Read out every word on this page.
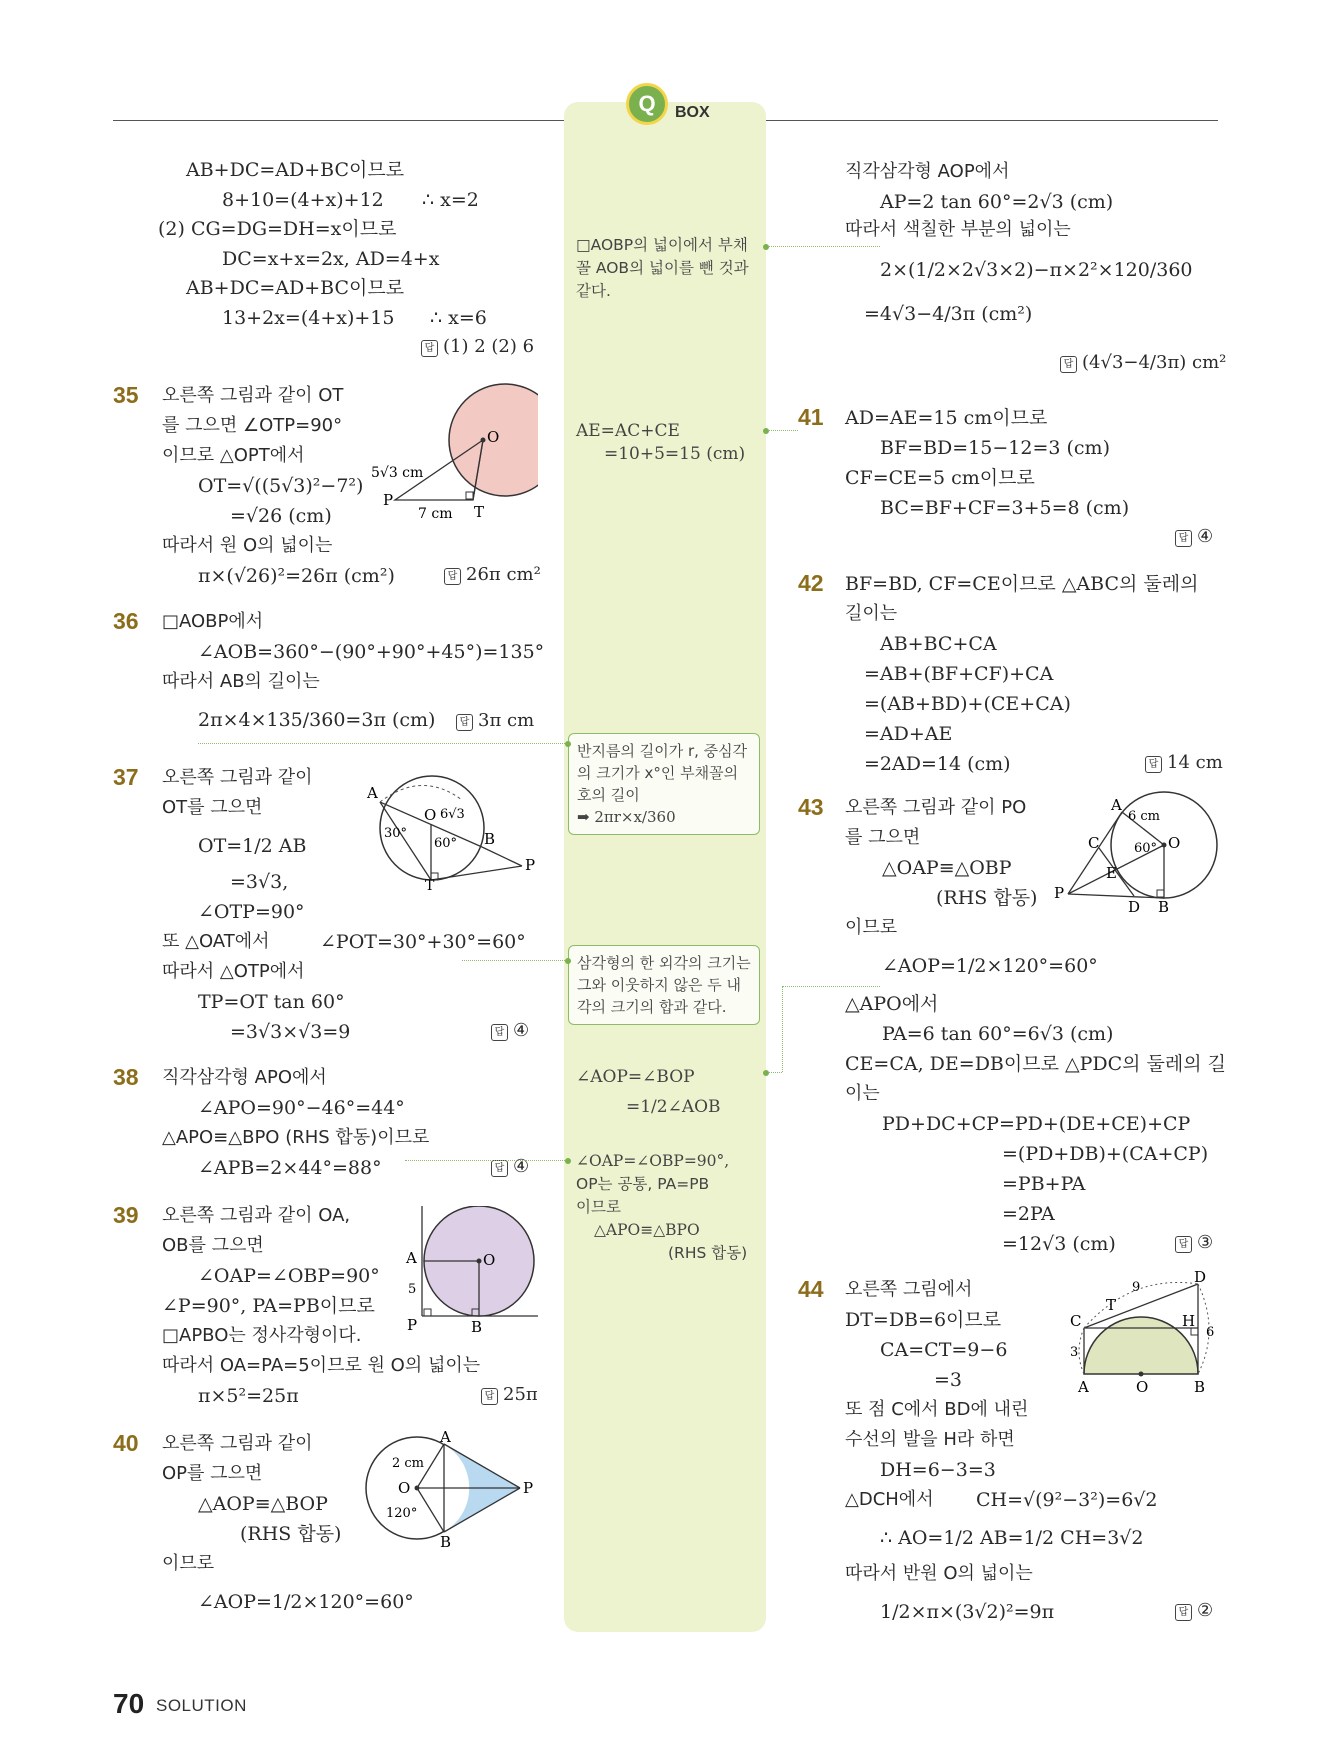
Q	BOX
AB+DC=AD+BC이므로
8+10=(4+x)+12 ∴ x=2
(2) CG=DG=DH=x이므로
DC=x+x=2x, AD=4+x
AB+DC=AD+BC이므로
13+2x=(4+x)+15 ∴ x=6
답 (1) 2 (2) 6
35 오른쪽 그림과 같이 OT
를 그으면 ∠OTP=90°
이므로 △OPT에서
OT=√((5√3)²−7²)
=√26 (cm)
따라서 원 O의 넓이는
π×(√26)²=26π (cm²)	답 26π cm²
O
P
T
5√3 cm
7 cm
36 □AOBP에서
∠AOB=360°−(90°+90°+45°)=135°
따라서 AB의 길이는
2π×4×135/360=3π (cm)	답 3π cm
37 오른쪽 그림과 같이
OT를 그으면
OT=1/2 AB
=3√3,
∠OTP=90°
또 △OAT에서	∠POT=30°+30°=60°
따라서 △OTP에서
TP=OT tan 60°
=3√3×√3=9	답 ④
A
O 6√3
30°
60° B
T
P
38 직각삼각형 APO에서
∠APO=90°−46°=44°
△APO≡△BPO (RHS 합동)이므로
∠APB=2×44°=88°	답 ④
39 오른쪽 그림과 같이 OA,
OB를 그으면
∠OAP=∠OBP=90°
∠P=90°, PA=PB이므로
□APBO는 정사각형이다.
따라서 OA=PA=5이므로 원 O의 넓이는
π×5²=25π	답 25π
A	O
5
P	B
40 오른쪽 그림과 같이
OP를 그으면
△AOP≡△BOP
(RHS 합동)
이므로
∠AOP=1/2×120°=60°
A
2 cm
O
120°
P
B
□AOBP의 넓이에서 부채
꼴 AOB의 넓이를 뺀 것과
같다.
AE=AC+CE
=10+5=15 (cm)
반지름의 길이가 r, 중심각
의 크기가 x°인 부채꼴의
호의 길이
➡ 2πr×x/360
삼각형의 한 외각의 크기는
그와 이웃하지 않은 두 내
각의 크기의 합과 같다.
∠AOP=∠BOP
=1/2∠AOB
∠OAP=∠OBP=90°,
OP는 공통, PA=PB
이므로
△APO≡△BPO
(RHS 합동)
직각삼각형 AOP에서
AP=2 tan 60°=2√3 (cm)
따라서 색칠한 부분의 넓이는
2×(1/2×2√3×2)−π×2²×120/360
=4√3−4/3π (cm²)
답 (4√3−4/3π) cm²
41 AD=AE=15 cm이므로
BF=BD=15−12=3 (cm)
CF=CE=5 cm이므로
BC=BF+CF=3+5=8 (cm)
답 ④
42 BF=BD, CF=CE이므로 △ABC의 둘레의
길이는
AB+BC+CA
=AB+(BF+CF)+CA
=(AB+BD)+(CE+CA)
=AD+AE
=2AD=14 (cm)	답 14 cm
43 오른쪽 그림과 같이 PO
를 그으면
△OAP≡△OBP
(RHS 합동)
이므로
∠AOP=1/2×120°=60°
△APO에서
PA=6 tan 60°=6√3 (cm)
CE=CA, DE=DB이므로 △PDC의 둘레의 길
이는
PD+DC+CP=PD+(DE+CE)+CP
=(PD+DB)+(CA+CP)
=PB+PA
=2PA
=12√3 (cm)	답 ③
A
6 cm
C	60° O
E
P
D B
44 오른쪽 그림에서
DT=DB=6이므로
CA=CT=9−6
=3
또 점 C에서 BD에 내린
수선의 발을 H라 하면
DH=6−3=3
△DCH에서 CH=√(9²−3²)=6√2
∴ AO=1/2 AB=1/2 CH=3√2
따라서 반원 O의 넓이는
1/2×π×(3√2)²=9π	답 ②
9
D
T
C	H
6
3
A	O	B
70 SOLUTION
